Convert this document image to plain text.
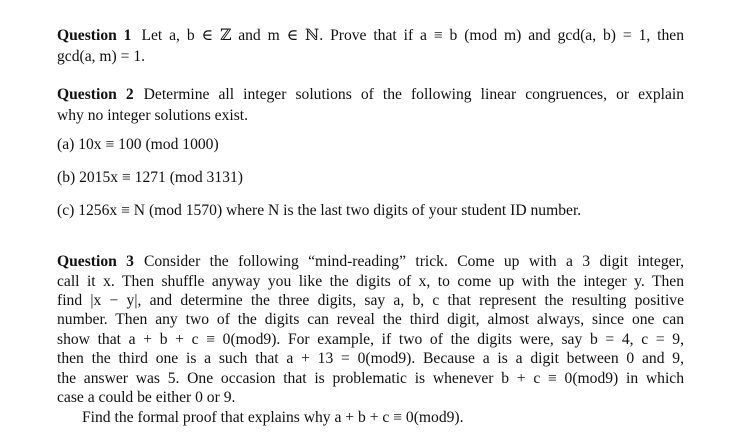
Question 1 Let a, b ∈ ℤ and m ∈ ℕ. Prove that if a ≡ b (mod m) and gcd(a, b) = 1, then
gcd(a, m) = 1.
Question 2 Determine all integer solutions of the following linear congruences, or explain
why no integer solutions exist.
(a) 10x ≡ 100 (mod 1000)
(b) 2015x ≡ 1271 (mod 3131)
(c) 1256x ≡ N (mod 1570) where N is the last two digits of your student ID number.
Question 3 Consider the following “mind-reading” trick. Come up with a 3 digit integer,
call it x. Then shuffle anyway you like the digits of x, to come up with the integer y. Then
find |x − y|, and determine the three digits, say a, b, c that represent the resulting positive
number. Then any two of the digits can reveal the third digit, almost always, since one can
show that a + b + c ≡ 0(mod9). For example, if two of the digits were, say b = 4, c = 9,
then the third one is a such that a + 13 = 0(mod9). Because a is a digit between 0 and 9,
the answer was 5. One occasion that is problematic is whenever b + c ≡ 0(mod9) in which
case a could be either 0 or 9.
Find the formal proof that explains why a + b + c ≡ 0(mod9).
